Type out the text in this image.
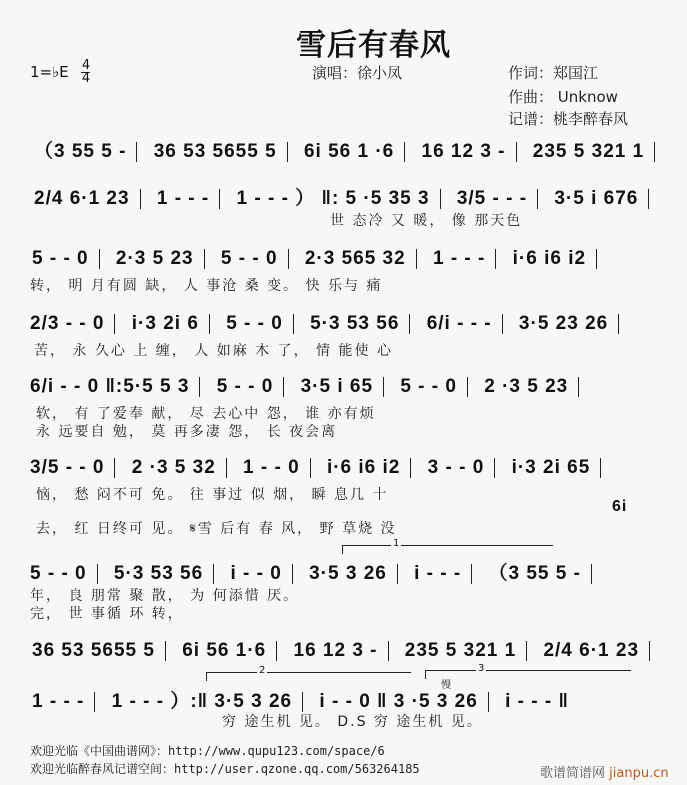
雪后有春风
1=♭E $\frac{4}{4}$	演唱：徐小凤	作词：郑国江
作曲： Unknow
记谱：桃李醉春风
（3 55 5 - 36 53 5655 5 6i 56 1 ·6 16 12 3 - 235 5 321 1
2/4 6·1 23 1 - - - 1 - - - ） ‖: 5 ·5 35 3 3/5 - - - 3·5 i 676
世 态冷 又 暖， 像 那天色
5 - - 0 2·3 5 23 5 - - 0 2·3 565 32 1 - - - i·6 i6 i2
转， 明 月有圆 缺， 人 事沧 桑 变。 快 乐与 痛
2/3 - - 0 i·3 2i 6 5 - - 0 5·3 53 56 6/i - - - 3·5 23 26
苦， 永 久心 上 缠， 人 如麻 木 了， 情 能使 心
6/i - - 0 ‖:5·5 5 3 5 - - 0 3·5 i 65 5 - - 0 2 ·3 5 23
软， 有 了爱奉 献， 尽 去心中 怨， 谁 亦有烦
永 远要自 勉， 莫 再多凄 怨， 长 夜会离
3/5 - - 0 2 ·3 5 32 1 - - 0 i·6 i6 i2 3 - - 0 i·3 2i 65
恼， 愁 闷不可 免。 往 事过 似 烟， 瞬 息几 十
6i
去， 红 日终可 见。 𝄋雪 后有 春 风， 野 草烧 没
1
5 - - 0 5·3 53 56 i - - 0 3·5 3 26 i - - - （3 55 5 -
年， 良 朋常 聚 散， 为 何添惜 厌。
完， 世 事循 环 转，
36 53 5655 5 6i 56 1·6 16 12 3 - 235 5 321 1 2/4 6·1 23
2	3
慢
1 - - - 1 - - - ）:‖ 3·5 3 26 i - - 0 ‖ 3 ·5 3 26 i - - - ‖
穷 途生机 见。 D.S 穷 途生机 见。
欢迎光临《中国曲谱网》：http://www.qupu123.com/space/6
欢迎光临醉春风记谱空间：http://user.qzone.qq.com/563264185	歌谱简谱网 jianpu.cn
